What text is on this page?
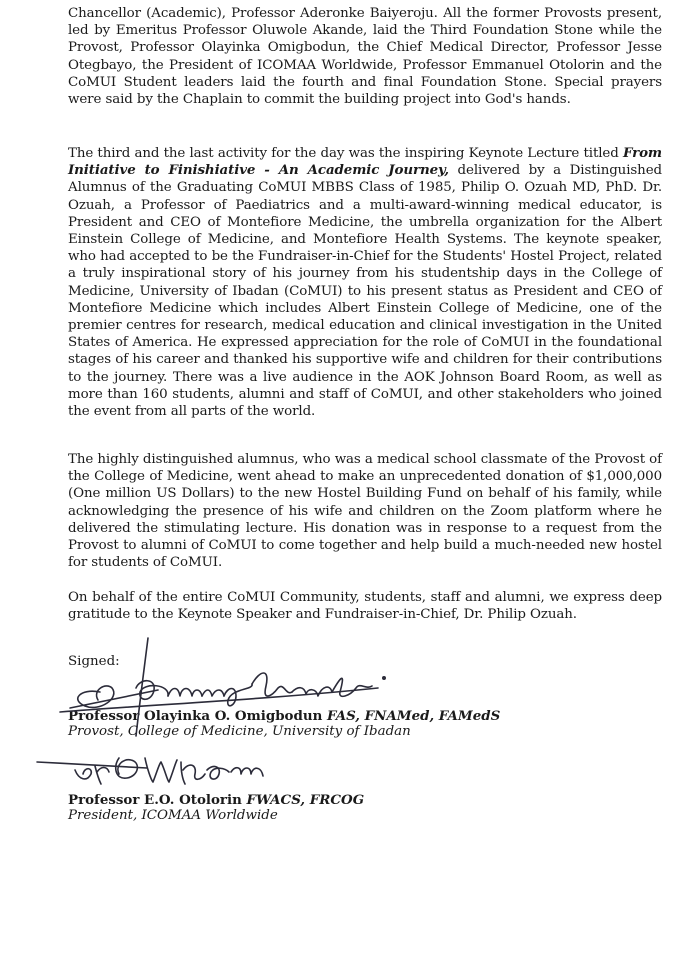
Chancellor (Academic), Professor Aderonke Baiyeroju. All the former Provosts present, led by Emeritus Professor Oluwole Akande, laid the Third Foundation Stone while the Provost, Professor Olayinka Omigbodun, the Chief Medical Director, Professor Jesse Otegbayo, the President of ICOMAA Worldwide, Professor Emmanuel Otolorin and the CoMUI Student leaders laid the fourth and final Foundation Stone. Special prayers were said by the Chaplain to commit the building project into God's hands.

The third and the last activity for the day was the inspiring Keynote Lecture titled From Initiative to Finishiative - An Academic Journey, delivered by a Distinguished Alumnus of the Graduating CoMUI MBBS Class of 1985, Philip O. Ozuah MD, PhD. Dr. Ozuah, a Professor of Paediatrics and a multi-award-winning medical educator, is President and CEO of Montefiore Medicine, the umbrella organization for the Albert Einstein College of Medicine, and Montefiore Health Systems. The keynote speaker, who had accepted to be the Fundraiser-in-Chief for the Students' Hostel Project, related a truly inspirational story of his journey from his studentship days in the College of Medicine, University of Ibadan (CoMUI) to his present status as President and CEO of Montefiore Medicine which includes Albert Einstein College of Medicine, one of the premier centres for research, medical education and clinical investigation in the United States of America. He expressed appreciation for the role of CoMUI in the foundational stages of his career and thanked his supportive wife and children for their contributions to the journey. There was a live audience in the AOK Johnson Board Room, as well as more than 160 students, alumni and staff of CoMUI, and other stakeholders who joined the event from all parts of the world.

The highly distinguished alumnus, who was a medical school classmate of the Provost of the College of Medicine, went ahead to make an unprecedented donation of $1,000,000 (One million US Dollars) to the new Hostel Building Fund on behalf of his family, while acknowledging the presence of his wife and children on the Zoom platform where he delivered the stimulating lecture. His donation was in response to a request from the Provost to alumni of CoMUI to come together and help build a much-needed new hostel for students of CoMUI.

On behalf of the entire CoMUI Community, students, staff and alumni, we express deep gratitude to the Keynote Speaker and Fundraiser-in-Chief, Dr. Philip Ozuah.

Signed:
Professor Olayinka O. Omigbodun FAS, FNAMed, FAMedS
Provost, College of Medicine, University of Ibadan
Professor E.O. Otolorin FWACS, FRCOG
President, ICOMAA Worldwide
